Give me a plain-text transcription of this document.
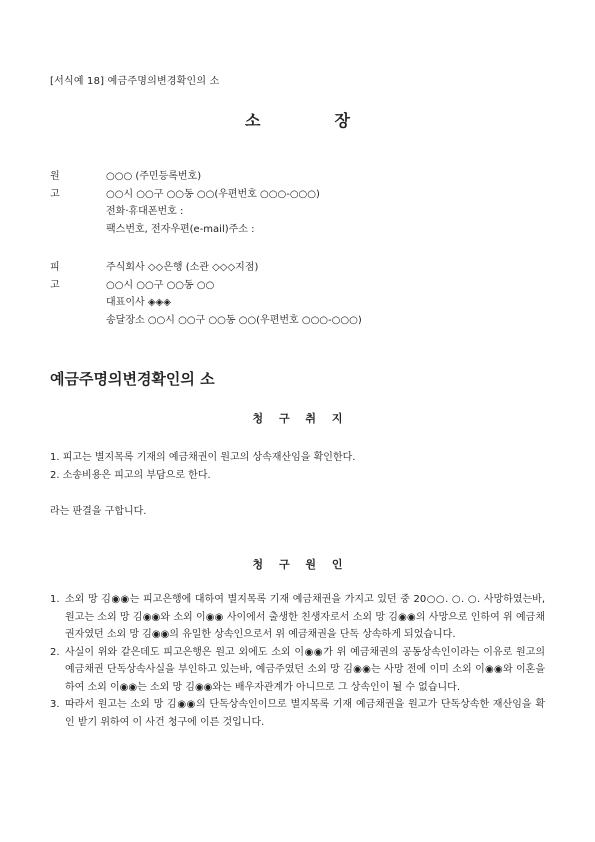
[서식예 18] 예금주명의변경확인의 소
소	장
원고
○○○ (주민등록번호)
○○시 ○○구 ○○동 ○○(우편번호 ○○○-○○○)
전화·휴대폰번호 :
팩스번호, 전자우편(e-mail)주소 :
피고
주식회사 ◇◇은행 (소관 ◇◇◇지점)
○○시 ○○구 ○○동 ○○
대표이사 ◈◈◈
송달장소 ○○시 ○○구 ○○동 ○○(우편번호 ○○○-○○○)
예금주명의변경확인의 소
청 구 취 지
1. 피고는 별지목록 기재의 예금채권이 원고의 상속재산임을 확인한다.
2. 소송비용은 피고의 부담으로 한다.
라는 판결을 구합니다.
청 구 원 인
1. 소외 망 김◉◉는 피고은행에 대하여 별지목록 기재 예금채권을 가지고 있던 중 20○○. ○. ○. 사망하였는바, 원고는 소외 망 김◉◉와 소외 이◉◉ 사이에서 출생한 친생자로서 소외 망 김◉◉의 사망으로 인하여 위 예금채권자였던 소외 망 김◉◉의 유일한 상속인으로서 위 예금채권을 단독 상속하게 되었습니다.
2. 사실이 위와 같은데도 피고은행은 원고 외에도 소외 이◉◉가 위 예금채권의 공동상속인이라는 이유로 원고의 예금채권 단독상속사실을 부인하고 있는바, 예금주였던 소외 망 김◉◉는 사망 전에 이미 소외 이◉◉와 이혼을 하여 소외 이◉◉는 소외 망 김◉◉와는 배우자관계가 아니므로 그 상속인이 될 수 없습니다.
3. 따라서 원고는 소외 망 김◉◉의 단독상속인이므로 별지목록 기재 예금채권을 원고가 단독상속한 재산임을 확인 받기 위하여 이 사건 청구에 이른 것입니다.
